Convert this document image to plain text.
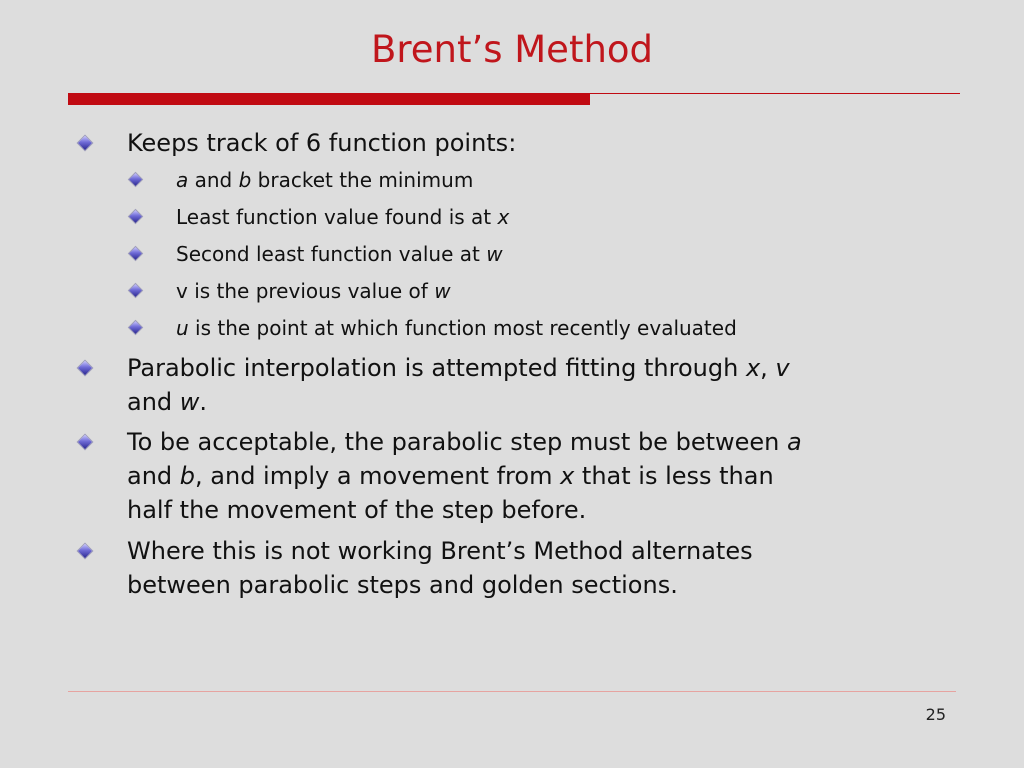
Brent’s Method
Keeps track of 6 function points:
a and b bracket the minimum
Least function value found is at x
Second least function value at w
v is the previous value of w
u is the point at which function most recently evaluated
Parabolic interpolation is attempted fitting through x, v
and w.
To be acceptable, the parabolic step must be between a
and b, and imply a movement from x that is less than
half the movement of the step before.
Where this is not working Brent’s Method alternates
between parabolic steps and golden sections.
25
